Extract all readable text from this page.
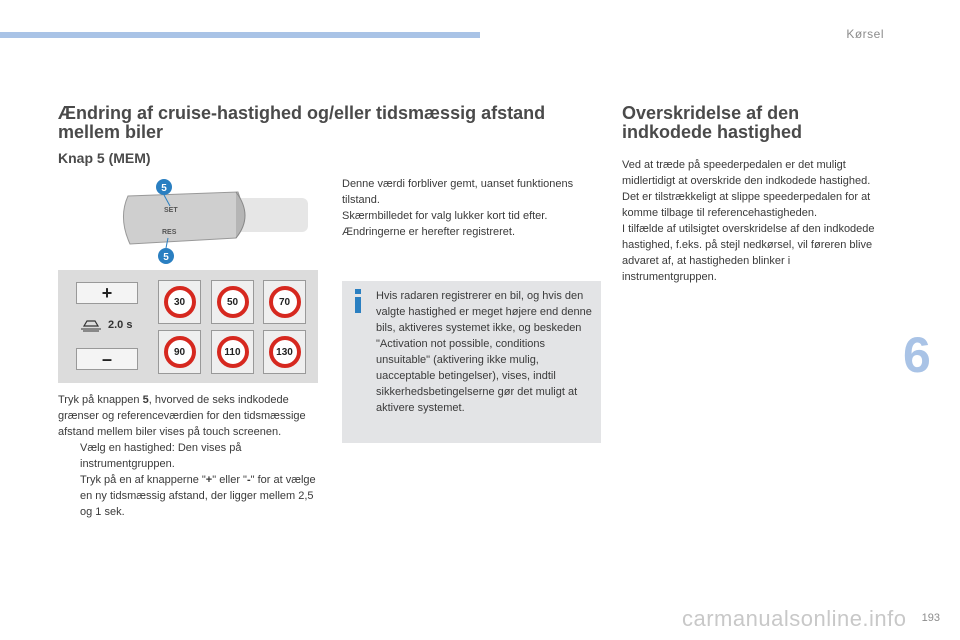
Kørsel
Ændring af cruise-hastighed og/eller tidsmæssig afstand mellem biler
Knap 5 (MEM)
5
5
SET
RES
+
2.0 s
–
30	50	70
90	110	130

Tryk på knappen 5, hvorved de seks indkodede grænser og referenceværdien for den tidsmæssige afstand mellem biler vises på touch screenen.

Vælg en hastighed: Den vises på instrumentgruppen.
Tryk på en af knapperne "+" eller "-" for at vælge en ny tidsmæssig afstand, der ligger mellem 2,5 og 1 sek.

Denne værdi forbliver gemt, uanset funktionens tilstand.

Skærmbilledet for valg lukker kort tid efter.

Ændringerne er herefter registreret.

Hvis radaren registrerer en bil, og hvis den valgte hastighed er meget højere end denne bils, aktiveres systemet ikke, og beskeden "Activation not possible, conditions unsuitable" (aktivering ikke mulig, uacceptable betingelser), vises, indtil sikkerhedsbetingelserne gør det muligt at aktivere systemet.
Overskridelse af den indkodede hastighed

Ved at træde på speederpedalen er det muligt midlertidigt at overskride den indkodede hastighed.

Det er tilstrækkeligt at slippe speederpedalen for at komme tilbage til referencehastigheden.

I tilfælde af utilsigtet overskridelse af den indkodede hastighed, f.eks. på stejl nedkørsel, vil føreren blive advaret af, at hastigheden blinker i instrumentgruppen.

6
193
carmanualsonline.info
